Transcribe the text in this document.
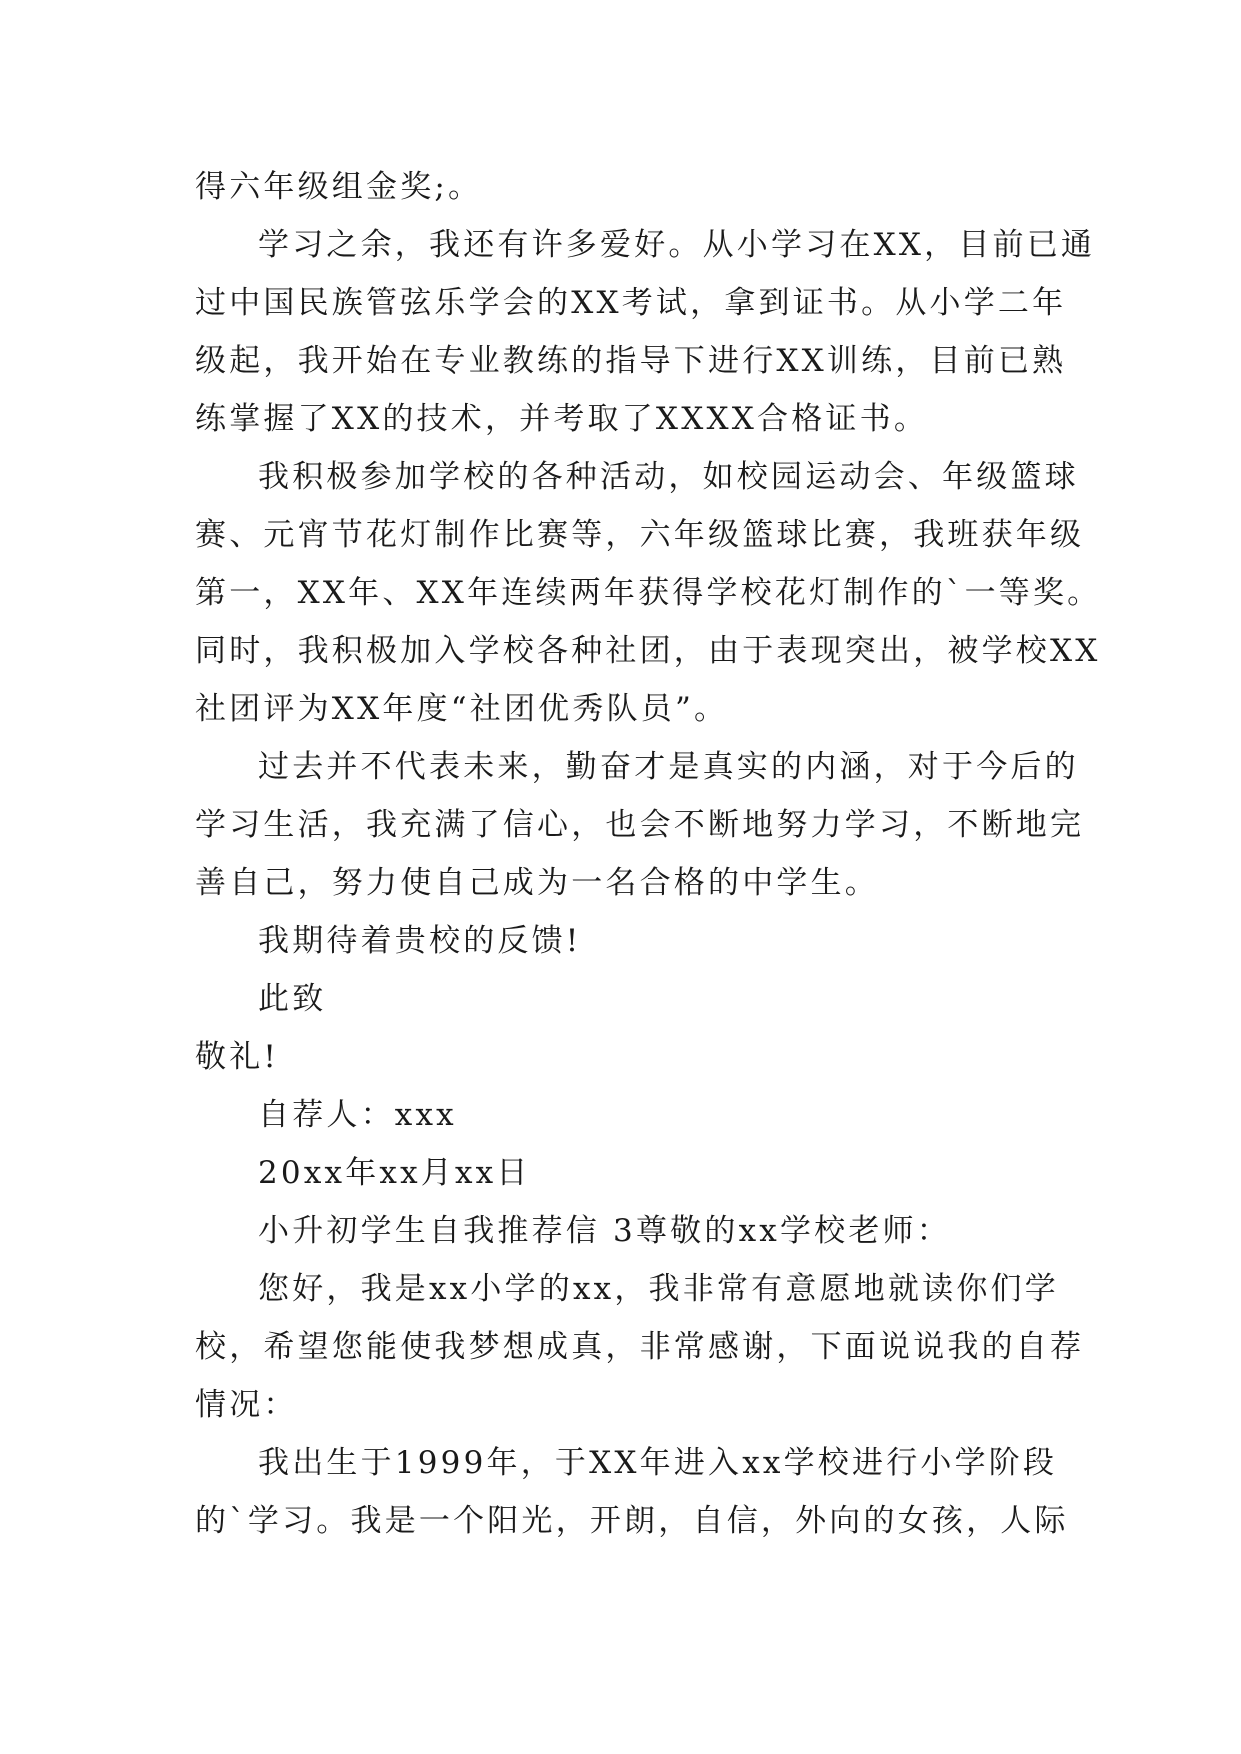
得六年级组金奖;。
学习之余，我还有许多爱好。从小学习在XX，目前已通
过中国民族管弦乐学会的XX考试，拿到证书。从小学二年
级起，我开始在专业教练的指导下进行XX训练，目前已熟
练掌握了XX的技术，并考取了XXXX合格证书。
我积极参加学校的各种活动，如校园运动会、年级篮球
赛、元宵节花灯制作比赛等，六年级篮球比赛，我班获年级
第一，XX年、XX年连续两年获得学校花灯制作的`一等奖。
同时，我积极加入学校各种社团，由于表现突出，被学校XX
社团评为XX年度“社团优秀队员”。
过去并不代表未来，勤奋才是真实的内涵，对于今后的
学习生活，我充满了信心，也会不断地努力学习，不断地完
善自己，努力使自己成为一名合格的中学生。
我期待着贵校的反馈!
此致
敬礼!
自荐人：xxx
20xx年xx月xx日
小升初学生自我推荐信 3尊敬的xx学校老师：
您好，我是xx小学的xx，我非常有意愿地就读你们学
校，希望您能使我梦想成真，非常感谢，下面说说我的自荐
情况：
我出生于1999年，于XX年进入xx学校进行小学阶段
的`学习。我是一个阳光，开朗，自信，外向的女孩，人际
